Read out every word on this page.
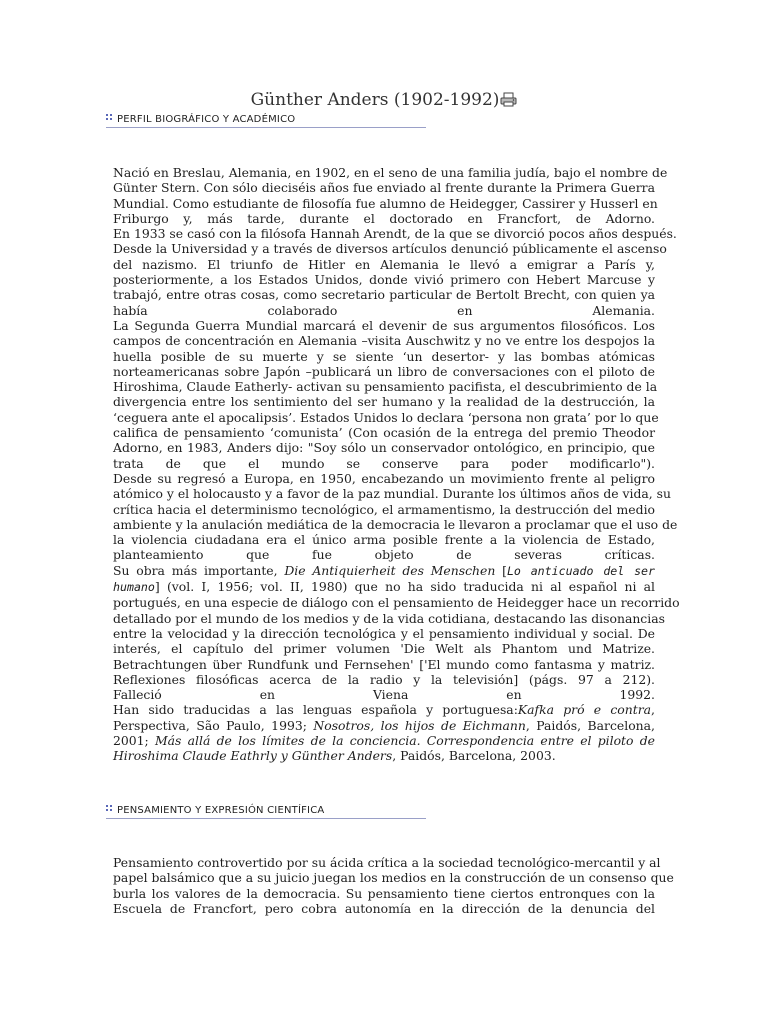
Günther Anders (1902-1992)
PERFIL BIOGRÁFICO Y ACADÉMICO
Nació en Breslau, Alemania, en 1902, en el seno de una familia judía, bajo el nombre de
Günter Stern. Con sólo dieciséis años fue enviado al frente durante la Primera Guerra
Mundial. Como estudiante de filosofía fue alumno de Heidegger, Cassirer y Husserl en
Friburgo y, más tarde, durante el doctorado en Francfort, de Adorno.
En 1933 se casó con la filósofa Hannah Arendt, de la que se divorció pocos años después.
Desde la Universidad y a través de diversos artículos denunció públicamente el ascenso
del nazismo. El triunfo de Hitler en Alemania le llevó a emigrar a París y,
posteriormente, a los Estados Unidos, donde vivió primero con Hebert Marcuse y
trabajó, entre otras cosas, como secretario particular de Bertolt Brecht, con quien ya
había colaborado en Alemania.
La Segunda Guerra Mundial marcará el devenir de sus argumentos filosóficos. Los
campos de concentración en Alemania –visita Auschwitz y no ve entre los despojos la
huella posible de su muerte y se siente ‘un desertor- y las bombas atómicas
norteamericanas sobre Japón –publicará un libro de conversaciones con el piloto de
Hiroshima, Claude Eatherly- activan su pensamiento pacifista, el descubrimiento de la
divergencia entre los sentimiento del ser humano y la realidad de la destrucción, la
‘ceguera ante el apocalipsis’. Estados Unidos lo declara ‘persona non grata’ por lo que
califica de pensamiento ‘comunista’ (Con ocasión de la entrega del premio Theodor
Adorno, en 1983, Anders dijo: "Soy sólo un conservador ontológico, en principio, que
trata de que el mundo se conserve para poder modificarlo").
Desde su regresó a Europa, en 1950, encabezando un movimiento frente al peligro
atómico y el holocausto y a favor de la paz mundial. Durante los últimos años de vida, su
crítica hacia el determinismo tecnológico, el armamentismo, la destrucción del medio
ambiente y la anulación mediática de la democracia le llevaron a proclamar que el uso de
la violencia ciudadana era el único arma posible frente a la violencia de Estado,
planteamiento que fue objeto de severas críticas.
Su obra más importante, Die Antiquierheit des Menschen [Lo anticuado del ser
humano] (vol. I, 1956; vol. II, 1980) que no ha sido traducida ni al español ni al
portugués, en una especie de diálogo con el pensamiento de Heidegger hace un recorrido
detallado por el mundo de los medios y de la vida cotidiana, destacando las disonancias
entre la velocidad y la dirección tecnológica y el pensamiento individual y social. De
interés, el capítulo del primer volumen 'Die Welt als Phantom und Matrize.
Betrachtungen über Rundfunk und Fernsehen' ['El mundo como fantasma y matriz.
Reflexiones filosóficas acerca de la radio y la televisión] (págs. 97 a 212).
Falleció en Viena en 1992.
Han sido traducidas a las lenguas española y portuguesa:Kafka pró e contra,
Perspectiva, São Paulo, 1993; Nosotros, los hijos de Eichmann, Paidós, Barcelona,
2001; Más allá de los límites de la conciencia. Correspondencia entre el piloto de
Hiroshima Claude Eathrly y Günther Anders, Paidós, Barcelona, 2003.
PENSAMIENTO Y EXPRESIÓN CIENTÍFICA
Pensamiento controvertido por su ácida crítica a la sociedad tecnológico-mercantil y al
papel balsámico que a su juicio juegan los medios en la construcción de un consenso que
burla los valores de la democracia. Su pensamiento tiene ciertos entronques con la
Escuela de Francfort, pero cobra autonomía en la dirección de la denuncia del
